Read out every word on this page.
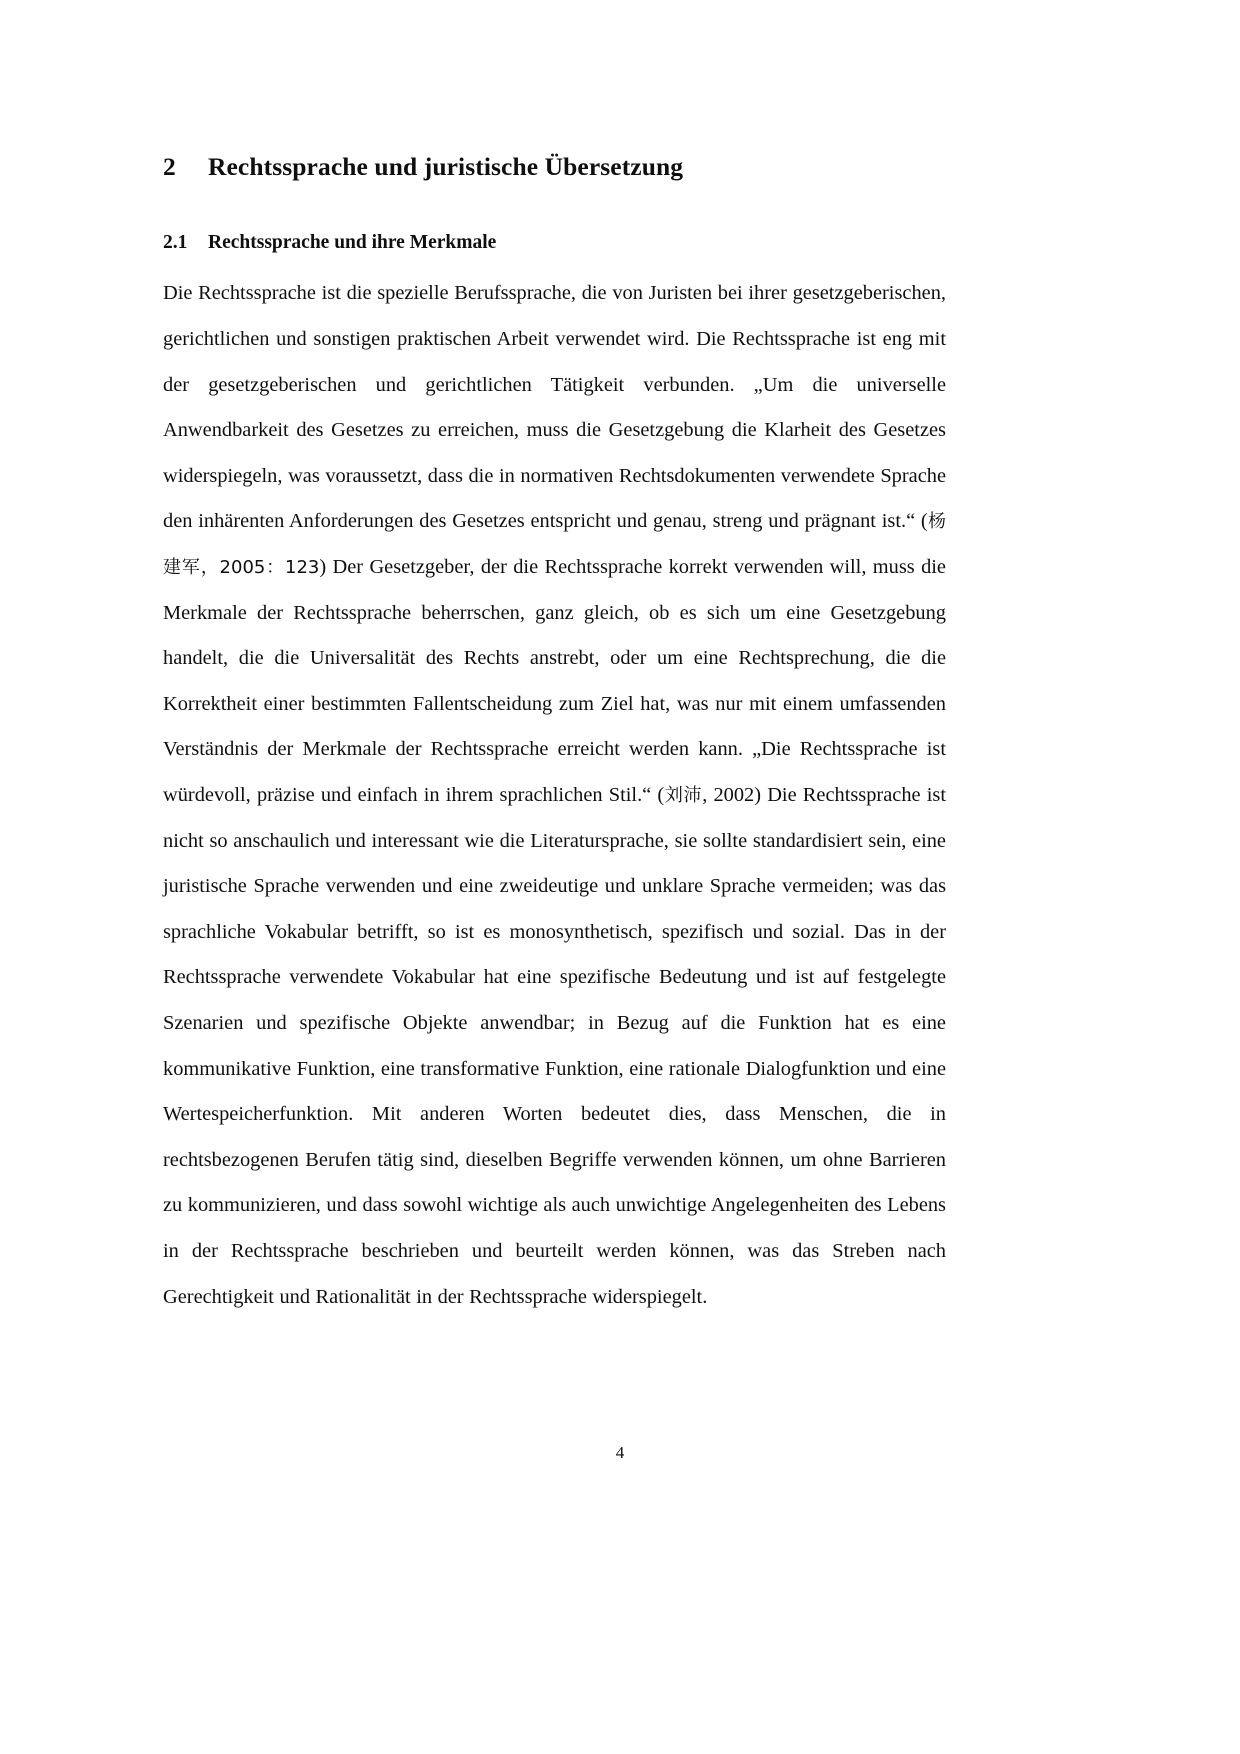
2	Rechtssprache und juristische Übersetzung
2.1	Rechtssprache und ihre Merkmale

Die Rechtssprache ist die spezielle Berufssprache, die von Juristen bei ihrer gesetzgeberischen, gerichtlichen und sonstigen praktischen Arbeit verwendet wird. Die Rechtssprache ist eng mit der gesetzgeberischen und gerichtlichen Tätigkeit verbunden. „Um die universelle Anwendbarkeit des Gesetzes zu erreichen, muss die Gesetzgebung die Klarheit des Gesetzes widerspiegeln, was voraussetzt, dass die in normativen Rechtsdokumenten verwendete Sprache den inhärenten Anforderungen des Gesetzes entspricht und genau, streng und prägnant ist.“ (杨建军，2005：123) Der Gesetzgeber, der die Rechtssprache korrekt verwenden will, muss die Merkmale der Rechtssprache beherrschen, ganz gleich, ob es sich um eine Gesetzgebung handelt, die die Universalität des Rechts anstrebt, oder um eine Rechtsprechung, die die Korrektheit einer bestimmten Fallentscheidung zum Ziel hat, was nur mit einem umfassenden Verständnis der Merkmale der Rechtssprache erreicht werden kann. „Die Rechtssprache ist würdevoll, präzise und einfach in ihrem sprachlichen Stil.“ (刘沛, 2002) Die Rechtssprache ist nicht so anschaulich und interessant wie die Literatursprache, sie sollte standardisiert sein, eine juristische Sprache verwenden und eine zweideutige und unklare Sprache vermeiden; was das sprachliche Vokabular betrifft, so ist es monosynthetisch, spezifisch und sozial. Das in der Rechtssprache verwendete Vokabular hat eine spezifische Bedeutung und ist auf festgelegte Szenarien und spezifische Objekte anwendbar; in Bezug auf die Funktion hat es eine kommunikative Funktion, eine transformative Funktion, eine rationale Dialogfunktion und eine Wertespeicherfunktion. Mit anderen Worten bedeutet dies, dass Menschen, die in rechtsbezogenen Berufen tätig sind, dieselben Begriffe verwenden können, um ohne Barrieren zu kommunizieren, und dass sowohl wichtige als auch unwichtige Angelegenheiten des Lebens in der Rechtssprache beschrieben und beurteilt werden können, was das Streben nach Gerechtigkeit und Rationalität in der Rechtssprache widerspiegelt.

4
